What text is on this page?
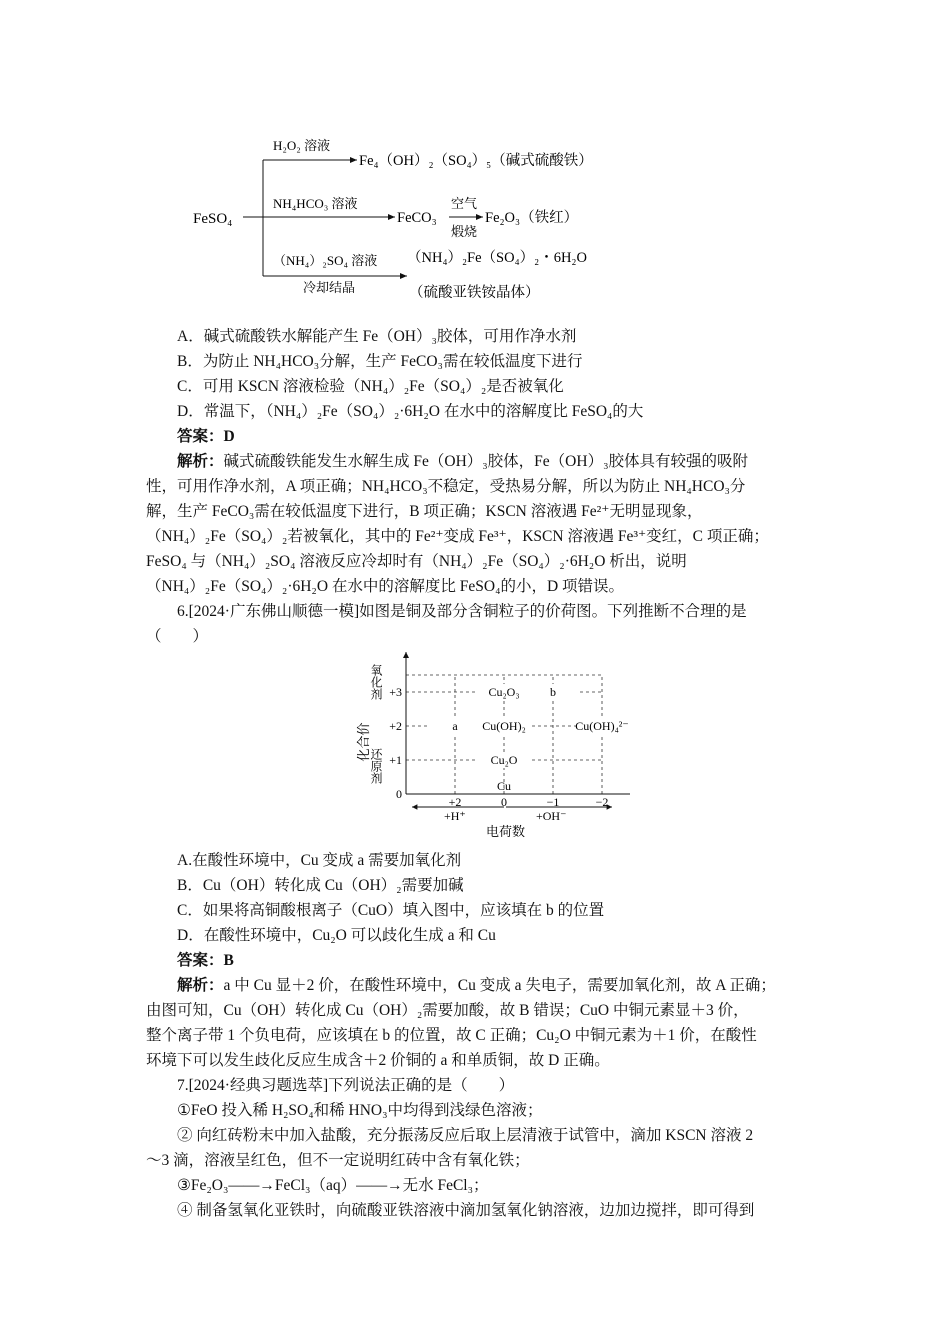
FeSO₄
H₂O₂ 溶液
Fe₄（OH）₂（SO₄）₅（碱式硫酸铁）
NH₄HCO₃ 溶液
FeCO₃
空气
煅烧
Fe₂O₃（铁红）
（NH₄）₂SO₄ 溶液
冷却结晶
（NH₄）₂Fe（SO₄）₂・6H₂O
（硫酸亚铁铵晶体）
A．碱式硫酸铁水解能产生 Fe（OH）₃胶体，可用作净水剂
B．为防止 NH₄HCO₃分解，生产 FeCO₃需在较低温度下进行
C．可用 KSCN 溶液检验（NH₄）₂Fe（SO₄）₂是否被氧化
D．常温下，（NH₄）₂Fe（SO₄）₂·6H₂O 在水中的溶解度比 FeSO₄的大
答案：D
解析：碱式硫酸铁能发生水解生成 Fe（OH）₃胶体，Fe（OH）₃胶体具有较强的吸附
性，可用作净水剂，A 项正确；NH₄HCO₃不稳定，受热易分解，所以为防止 NH₄HCO₃分
解，生产 FeCO₃需在较低温度下进行，B 项正确；KSCN 溶液遇 Fe²⁺无明显现象，
（NH₄）₂Fe（SO₄）₂若被氧化，其中的 Fe²⁺变成 Fe³⁺，KSCN 溶液遇 Fe³⁺变红，C 项正确；
FeSO₄ 与（NH₄）₂SO₄ 溶液反应冷却时有（NH₄）₂Fe（SO₄）₂·6H₂O 析出，说明
（NH₄）₂Fe（SO₄）₂·6H₂O 在水中的溶解度比 FeSO₄的小，D 项错误。
6.[2024·广东佛山顺德一模]如图是铜及部分含铜粒子的价荷图。下列推断不合理的是
（　　）
化合价
氧化剂
还原剂
+H⁺	+OH⁻
电荷数
0
+1
+2
+3
+2	0	−1	−2
Cu
Cu₂O
a Cu(OH)₂	Cu(OH)₄²⁻
Cu₂O₃	b
A.在酸性环境中，Cu 变成 a 需要加氧化剂
B．Cu（OH）转化成 Cu（OH）₂需要加碱
C．如果将高铜酸根离子（CuO）填入图中，应该填在 b 的位置
D．在酸性环境中，Cu₂O 可以歧化生成 a 和 Cu
答案：B
解析：a 中 Cu 显＋2 价，在酸性环境中，Cu 变成 a 失电子，需要加氧化剂，故 A 正确；
由图可知，Cu（OH）转化成 Cu（OH）₂需要加酸，故 B 错误；CuO 中铜元素显＋3 价，
整个离子带 1 个负电荷，应该填在 b 的位置，故 C 正确；Cu₂O 中铜元素为＋1 价，在酸性
环境下可以发生歧化反应生成含＋2 价铜的 a 和单质铜，故 D 正确。
7.[2024·经典习题选萃]下列说法正确的是（　　）
①FeO 投入稀 H₂SO₄和稀 HNO₃中均得到浅绿色溶液；
② 向红砖粉末中加入盐酸，充分振荡反应后取上层清液于试管中，滴加 KSCN 溶液 2
～3 滴，溶液呈红色，但不一定说明红砖中含有氧化铁；
③Fe₂O₃——→FeCl₃（aq）——→无水 FeCl₃；
④ 制备氢氧化亚铁时，向硫酸亚铁溶液中滴加氢氧化钠溶液，边加边搅拌，即可得到
